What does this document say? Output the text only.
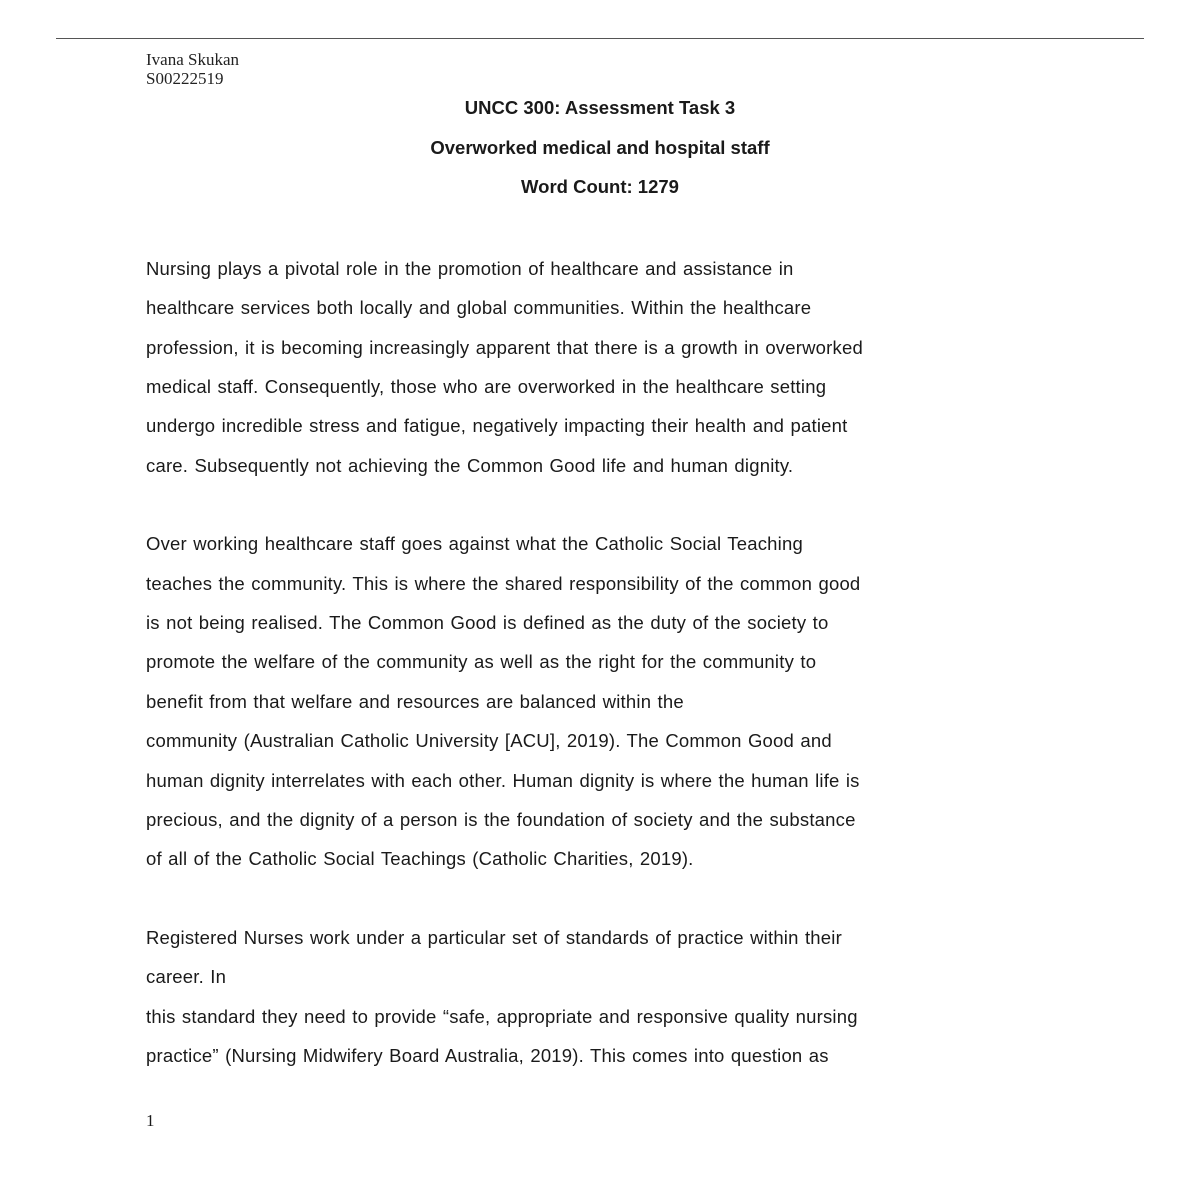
Ivana Skukan
S00222519
UNCC 300: Assessment Task 3
Overworked medical and hospital staff
Word Count: 1279
Nursing plays a pivotal role in the promotion of healthcare and assistance in
healthcare services both locally and global communities. Within the healthcare
profession, it is becoming increasingly apparent that there is a growth in overworked
medical staff. Consequently, those who are overworked in the healthcare setting
undergo incredible stress and fatigue, negatively impacting their health and patient
care. Subsequently not achieving the Common Good life and human dignity.
Over working healthcare staff goes against what the Catholic Social Teaching
teaches the community. This is where the shared responsibility of the common good
is not being realised. The Common Good is defined as the duty of the society to
promote the welfare of the community as well as the right for the community to
benefit from that welfare and resources are balanced within the
community (Australian Catholic University [ACU], 2019). The Common Good and
human dignity interrelates with each other. Human dignity is where the human life is
precious, and the dignity of a person is the foundation of society and the substance
of all of the Catholic Social Teachings (Catholic Charities, 2019).
Registered Nurses work under a particular set of standards of practice within their
career. In
this standard they need to provide “safe, appropriate and responsive quality nursing
practice” (Nursing Midwifery Board Australia, 2019). This comes into question as
1
